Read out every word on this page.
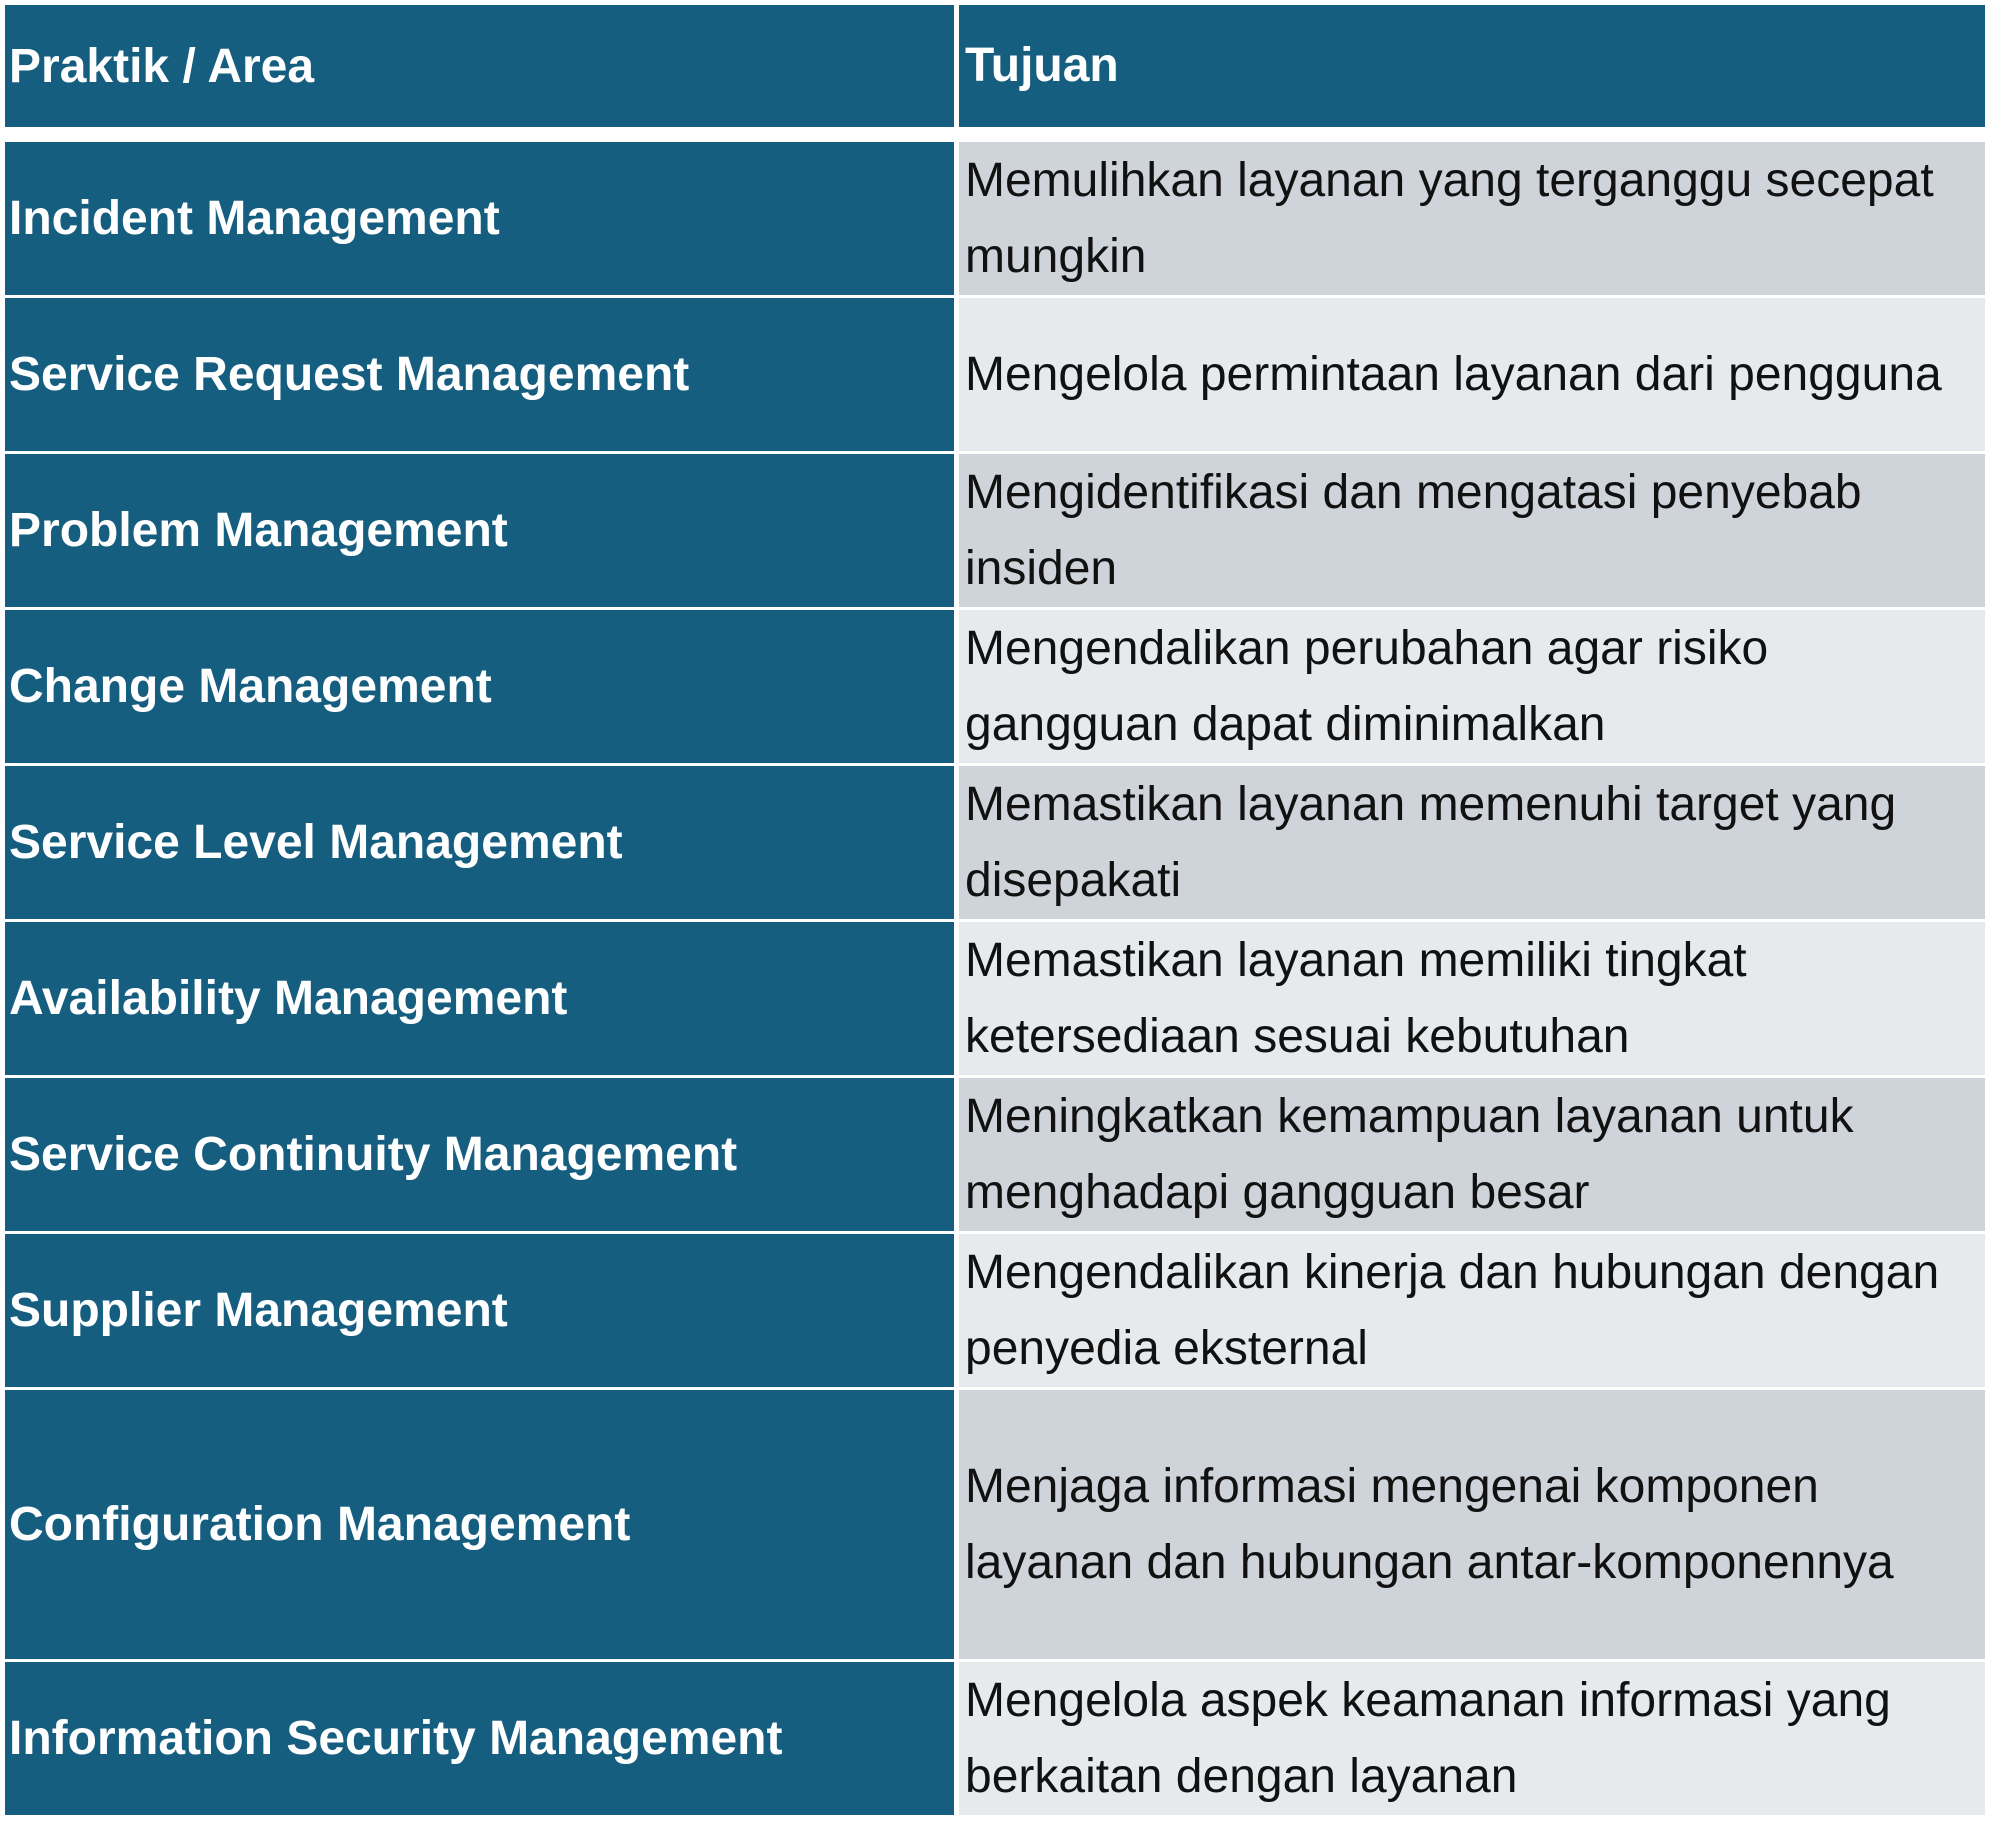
Praktik / Area	Tujuan
Incident Management
Memulihkan layanan yang terganggu secepat mungkin
Service Request Management	Mengelola permintaan layanan dari pengguna
Problem Management
Mengidentifikasi dan mengatasi penyebab insiden
Change Management
Mengendalikan perubahan agar risiko gangguan dapat diminimalkan
Service Level Management
Memastikan layanan memenuhi target yang disepakati
Availability Management
Memastikan layanan memiliki tingkat ketersediaan sesuai kebutuhan
Service Continuity Management
Meningkatkan kemampuan layanan untuk menghadapi gangguan besar
Supplier Management
Mengendalikan kinerja dan hubungan dengan penyedia eksternal
Configuration Management
Menjaga informasi mengenai komponen layanan dan hubungan antar-komponennya
Information Security Management
Mengelola aspek keamanan informasi yang berkaitan dengan layanan
